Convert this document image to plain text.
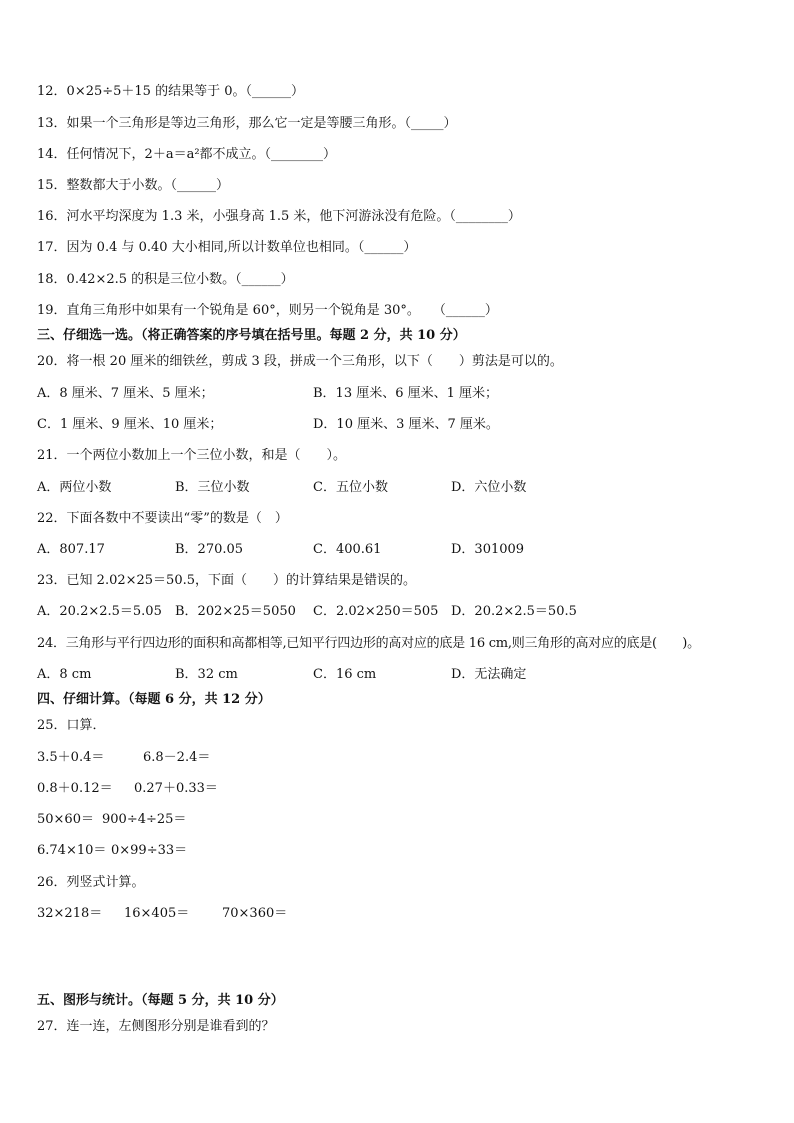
12．0×25÷5＋15 的结果等于 0。（______）
13．如果一个三角形是等边三角形，那么它一定是等腰三角形。（_____）
14．任何情况下，2＋a＝a²都不成立。（________）
15．整数都大于小数。（______）
16．河水平均深度为 1.3 米，小强身高 1.5 米，他下河游泳没有危险。（________）
17．因为 0.4 与 0.40 大小相同,所以计数单位也相同。（______）
18．0.42×2.5 的积是三位小数。（______）
19．直角三角形中如果有一个锐角是 60°，则另一个锐角是 30°。　　（______）
三、仔细选一选。（将正确答案的序号填在括号里。每题 2 分，共 10 分）
20．将一根 20 厘米的细铁丝，剪成 3 段，拼成一个三角形，以下（　　）剪法是可以的。
A．8 厘米、7 厘米、5 厘米；	B．13 厘米、6 厘米、1 厘米；
C．1 厘米、9 厘米、10 厘米；	D．10 厘米、3 厘米、7 厘米。
21．一个两位小数加上一个三位小数，和是（　　）。
A．两位小数	B．三位小数	C．五位小数	D．六位小数
22．下面各数中不要读出“零”的数是（　）
A．807.17	B．270.05	C．400.61	D．301009
23．已知 2.02×25＝50.5，下面（　　）的计算结果是错误的。
A．20.2×2.5＝5.05 B．202×25＝5050 C．2.02×250＝505 D．20.2×2.5＝50.5
24．三角形与平行四边形的面积和高都相等,已知平行四边形的高对应的底是 16 cm,则三角形的高对应的底是(　　)。
A．8 cm	B．32 cm	C．16 cm	D．无法确定
四、仔细计算。（每题 6 分，共 12 分）
25．口算．
3.5＋0.4＝	6.8－2.4＝
0.8＋0.12＝ 0.27＋0.33＝
50×60＝ 900÷4÷25＝
6.74×10＝ 0×99÷33＝
26．列竖式计算。
32×218＝ 16×405＝	70×360＝
五、图形与统计。（每题 5 分，共 10 分）
27．连一连，左侧图形分别是谁看到的？
